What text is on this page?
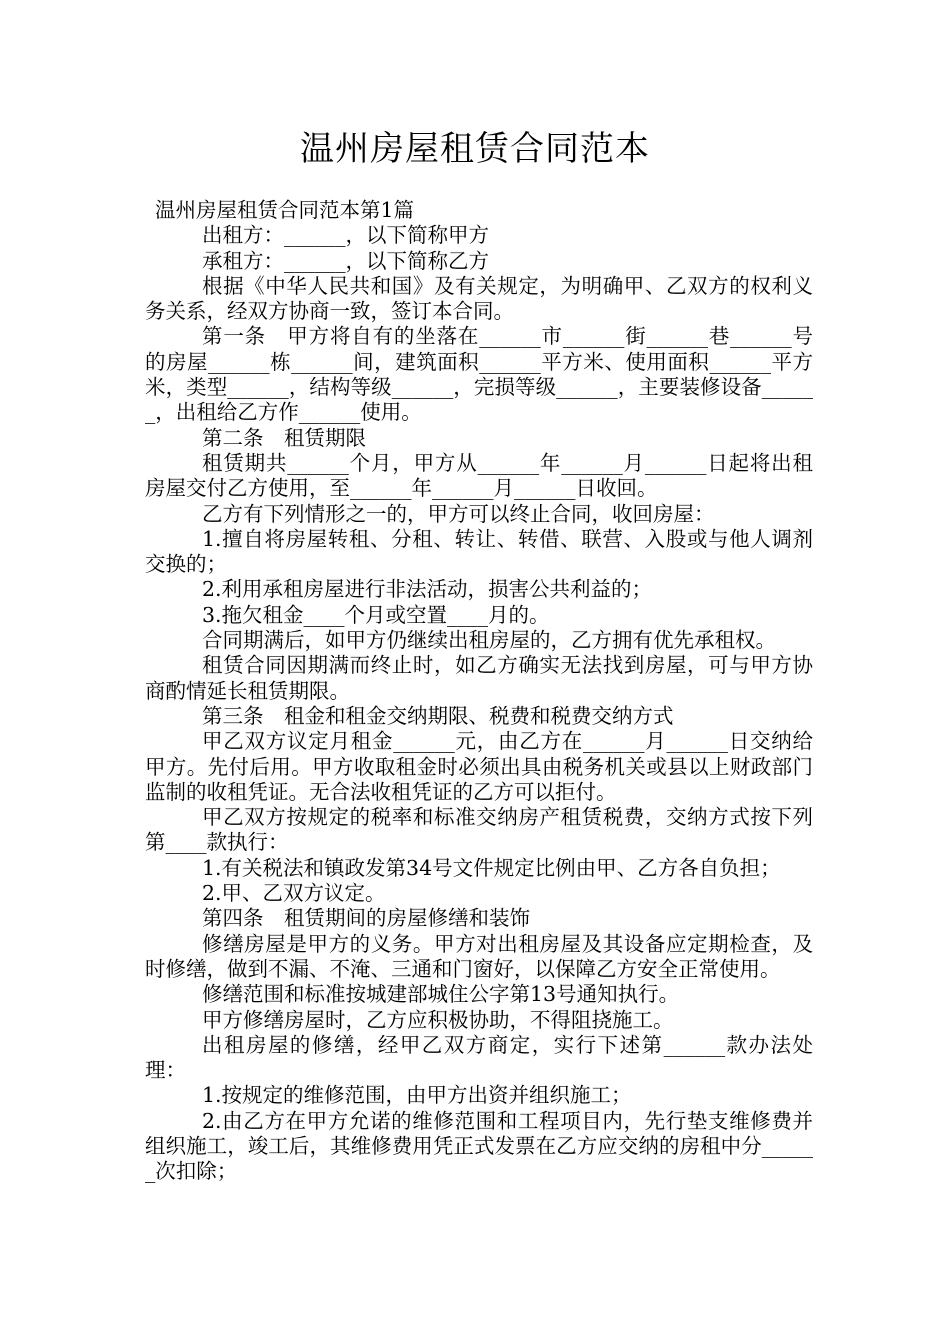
温州房屋租赁合同范本

温州房屋租赁合同范本第1篇

出租方：______，以下简称甲方

承租方：______，以下简称乙方

根据《中华人民共和国》及有关规定，为明确甲、乙双方的权利义务关系，经双方协商一致，签订本合同。

第一条　甲方将自有的坐落在______市______街______巷______号的房屋______栋______间，建筑面积______平方米、使用面积______平方米，类型______，结构等级______，完损等级______，主要装修设备______，出租给乙方作______使用。

第二条　租赁期限

租赁期共______个月，甲方从______年______月______日起将出租房屋交付乙方使用，至______年______月______日收回。

乙方有下列情形之一的，甲方可以终止合同，收回房屋：

1.擅自将房屋转租、分租、转让、转借、联营、入股或与他人调剂交换的；

2.利用承租房屋进行非法活动，损害公共利益的；

3.拖欠租金____个月或空置____月的。

合同期满后，如甲方仍继续出租房屋的，乙方拥有优先承租权。

租赁合同因期满而终止时，如乙方确实无法找到房屋，可与甲方协商酌情延长租赁期限。

第三条　租金和租金交纳期限、税费和税费交纳方式

甲乙双方议定月租金______元，由乙方在______月______日交纳给甲方。先付后用。甲方收取租金时必须出具由税务机关或县以上财政部门监制的收租凭证。无合法收租凭证的乙方可以拒付。

甲乙双方按规定的税率和标准交纳房产租赁税费，交纳方式按下列第____款执行：

1.有关税法和镇政发第34号文件规定比例由甲、乙方各自负担；

2.甲、乙双方议定。

第四条　租赁期间的房屋修缮和装饰

修缮房屋是甲方的义务。甲方对出租房屋及其设备应定期检查，及时修缮，做到不漏、不淹、三通和门窗好，以保障乙方安全正常使用。

修缮范围和标准按城建部城住公字第13号通知执行。

甲方修缮房屋时，乙方应积极协助，不得阻挠施工。

出租房屋的修缮，经甲乙双方商定，实行下述第______款办法处理：

1.按规定的维修范围，由甲方出资并组织施工；

2.由乙方在甲方允诺的维修范围和工程项目内，先行垫支维修费并组织施工，竣工后，其维修费用凭正式发票在乙方应交纳的房租中分______次扣除；
